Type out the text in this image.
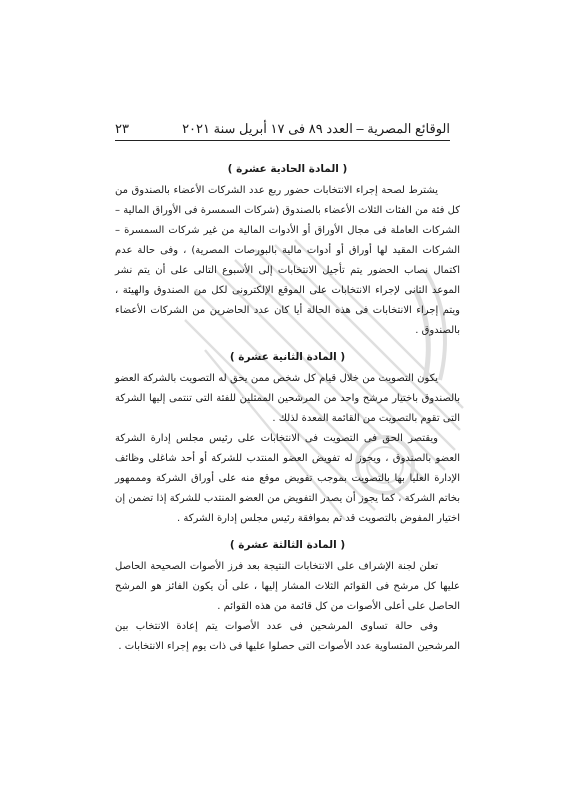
الوقائع المصرية – العدد ٨٩ فى ١٧ أبريل سنة ٢٠٢١
٢٣
( المادة الحادية عشرة )

يشترط لصحة إجراء الانتخابات حضور ربع عدد الشركات الأعضاء بالصندوق من كل فئة من الفئات الثلاث الأعضاء بالصندوق (شركات السمسرة فى الأوراق المالية – الشركات العاملة فى مجال الأوراق أو الأدوات المالية من غير شركات السمسرة – الشركات المقيد لها أوراق أو أدوات مالية بالبورصات المصرية) ، وفى حالة عدم اكتمال نصاب الحضور يتم تأجيل الانتخابات إلى الأسبوع التالى على أن يتم نشر الموعد الثانى لإجراء الانتخابات على الموقع الإلكترونى لكل من الصندوق والهيئة ، ويتم إجراء الانتخابات فى هذه الحالة أيا كان عدد الحاضرين من الشركات الأعضاء بالصندوق .

( المادة الثانية عشرة )

يكون التصويت من خلال قيام كل شخص ممن يحق له التصويت بالشركة العضو بالصندوق باختيار مرشح واحد من المرشحين الممثلين للفئة التى تنتمى إليها الشركة التى تقوم بالتصويت من القائمة المعدة لذلك .

ويقتصر الحق فى التصويت فى الانتخابات على رئيس مجلس إدارة الشركة العضو بالصندوق ، ويجوز له تفويض العضو المنتدب للشركة أو أحد شاغلى وظائف الإدارة العليا بها بالتصويت بموجب تفويض موقع منه على أوراق الشركة ومممهور بخاتم الشركة ، كما يجوز أن يصدر التفويض من العضو المنتدب للشركة إذا تضمن إن اختيار المفوض بالتصويت قد تم بموافقة رئيس مجلس إدارة الشركة .

( المادة الثالثة عشرة )

تعلن لجنة الإشراف على الانتخابات النتيجة بعد فرز الأصوات الصحيحة الحاصل عليها كل مرشح فى القوائم الثلاث المشار إليها ، على أن يكون الفائز هو المرشح الحاصل على أعلى الأصوات من كل قائمة من هذه القوائم .

وفى حالة تساوى المرشحين فى عدد الأصوات يتم إعادة الانتخاب بين المرشحين المتساوية عدد الأصوات التى حصلوا عليها فى ذات يوم إجراء الانتخابات .
